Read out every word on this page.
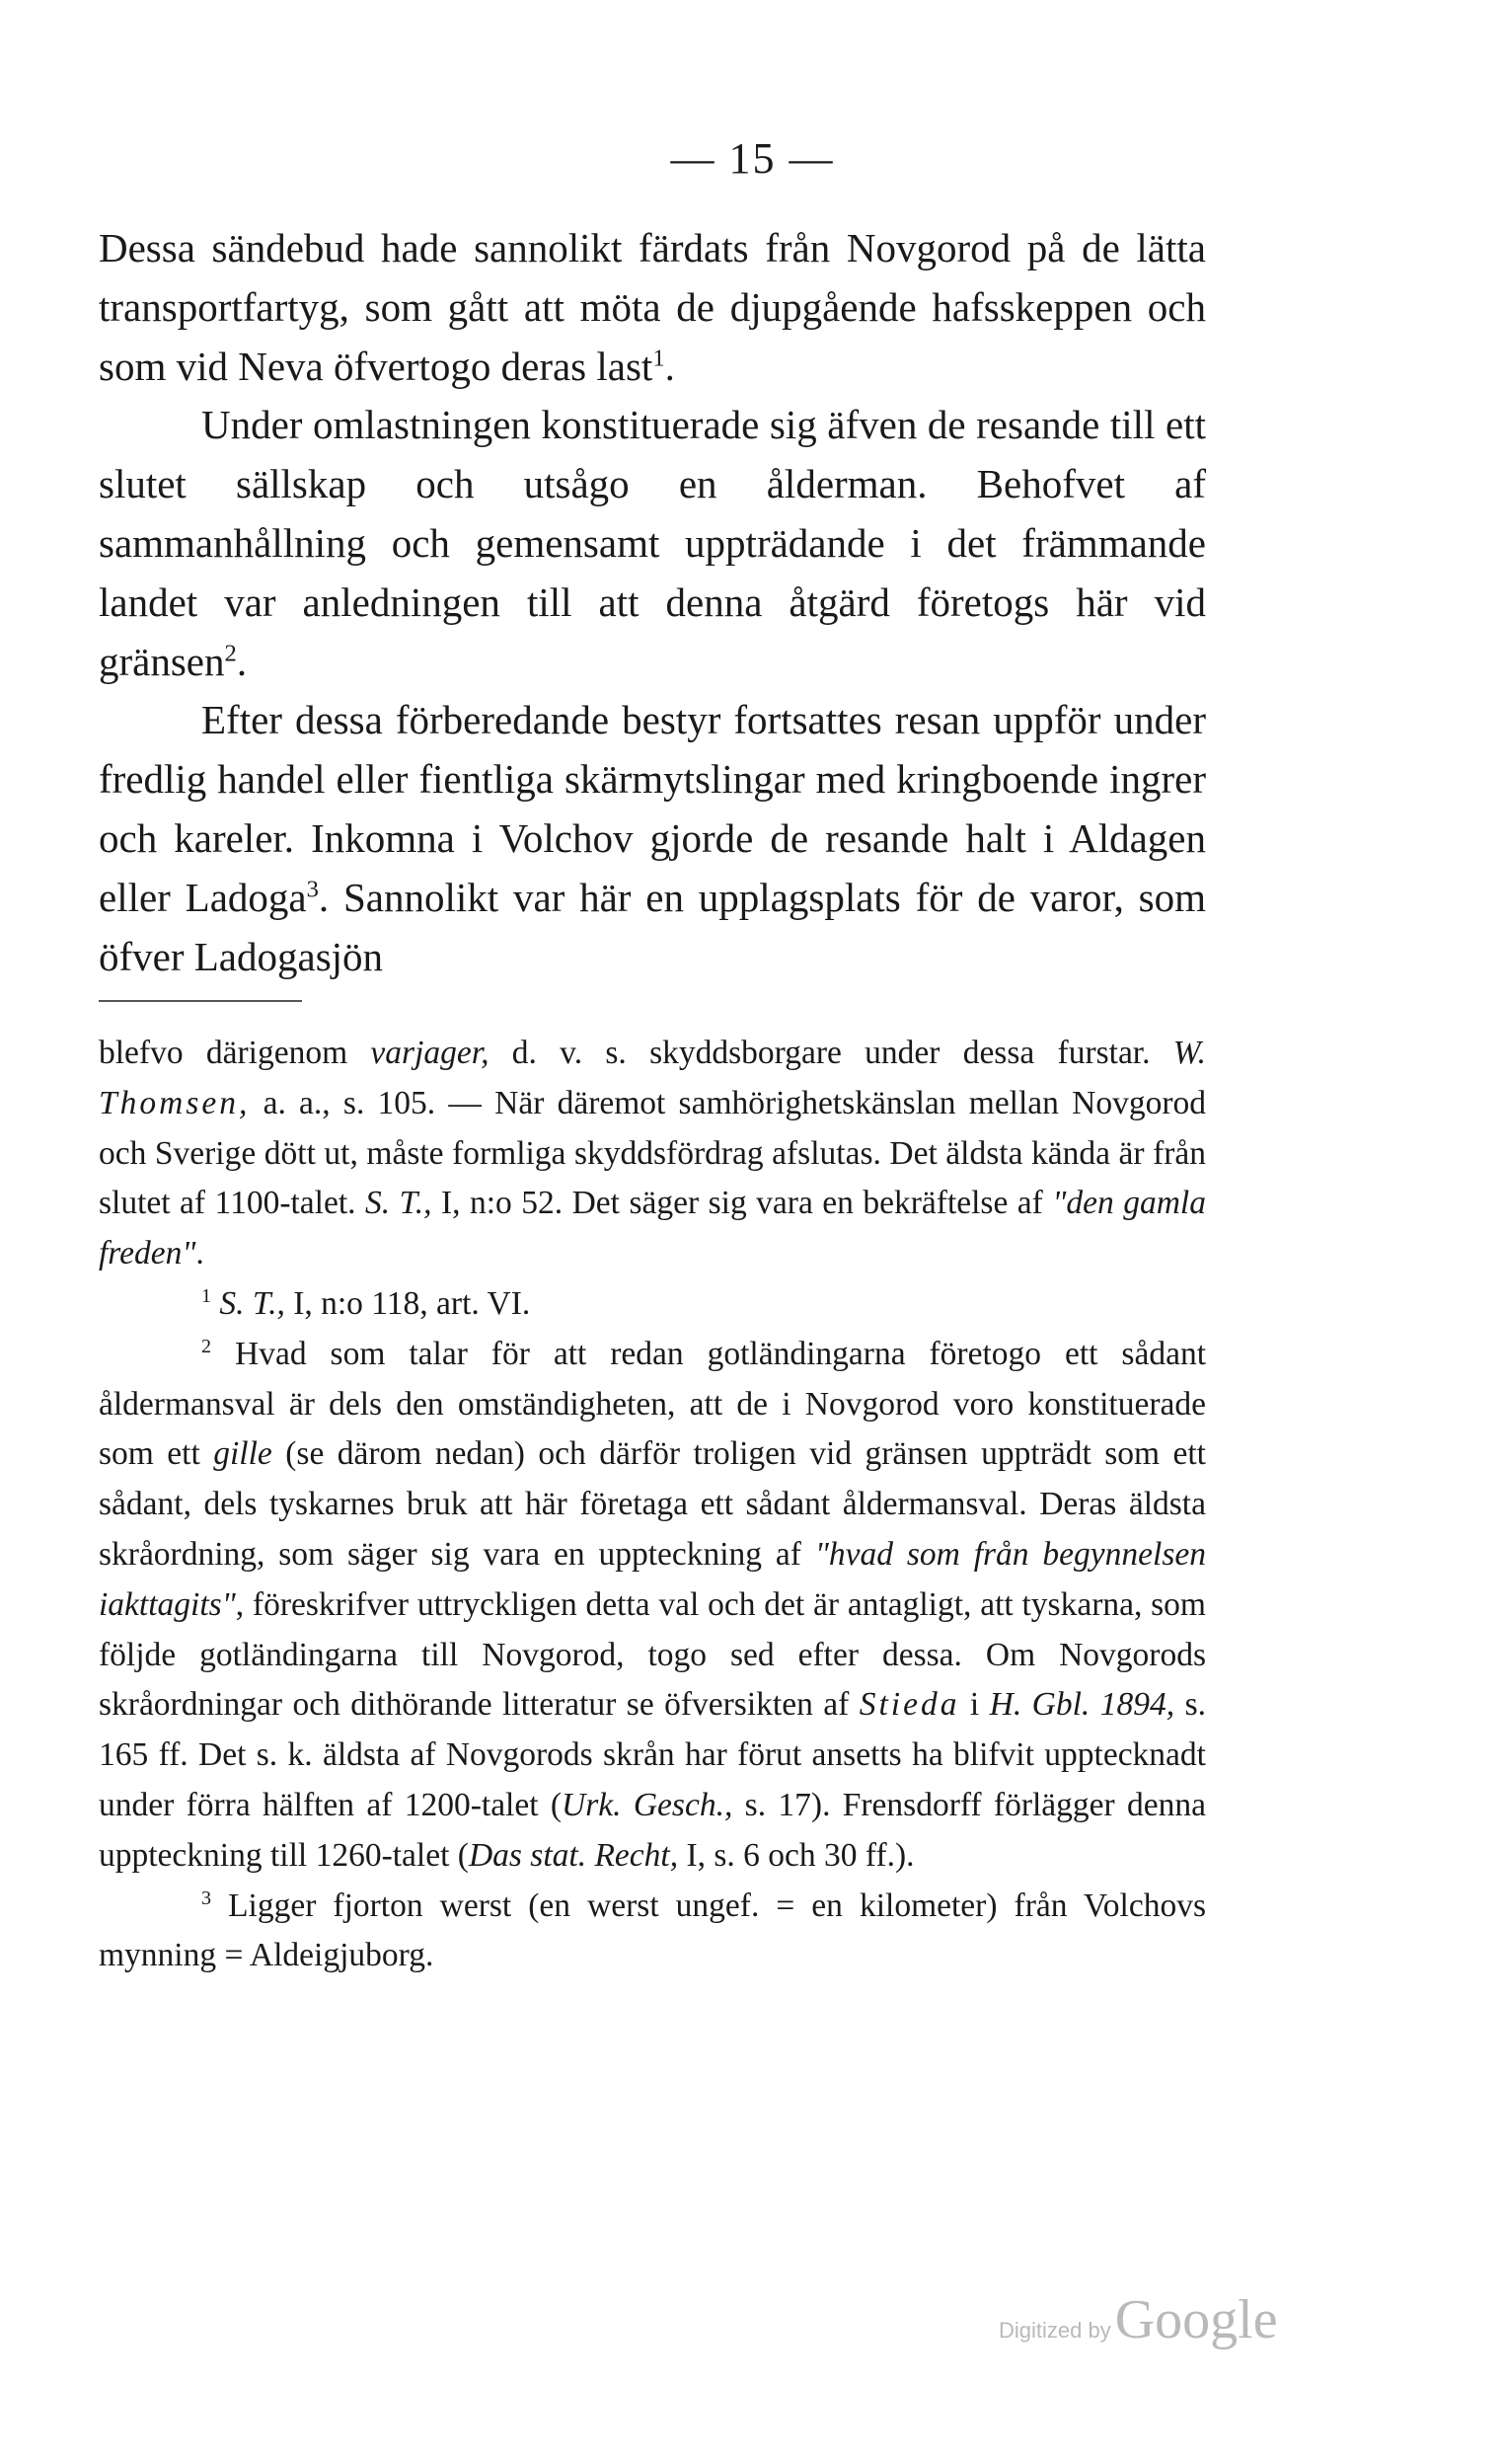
— 15 —

Dessa sändebud hade sannolikt färdats från Novgorod på de lätta transportfartyg, som gått att möta de djupgående hafsskeppen och som vid Neva öfvertogo deras last$^1$.

Under omlastningen konstituerade sig äfven de resande till ett slutet sällskap och utsågo en ålderman. Behofvet af sammanhållning och gemensamt uppträdande i det främmande landet var anledningen till att denna åtgärd företogs här vid gränsen$^2$.

Efter dessa förberedande bestyr fortsattes resan uppför under fredlig handel eller fientliga skärmytslingar med kringboende ingrer och kareler. Inkomna i Volchov gjorde de resande halt i Aldagen eller Ladoga$^3$. Sannolikt var här en upplagsplats för de varor, som öfver Ladogasjön

blefvo därigenom varjager, d. v. s. skyddsborgare under dessa furstar. W. Thomsen, a. a., s. 105. — När däremot samhörighetskänslan mellan Novgorod och Sverige dött ut, måste formliga skyddsfördrag afslutas. Det äldsta kända är från slutet af 1100-talet. S. T., I, n:o 52. Det säger sig vara en bekräftelse af "den gamla freden".

$^1$ S. T., I, n:o 118, art. VI.

$^2$ Hvad som talar för att redan gotländingarna företogo ett sådant åldermansval är dels den omständigheten, att de i Novgorod voro konstituerade som ett gille (se därom nedan) och därför troligen vid gränsen uppträdt som ett sådant, dels tyskarnes bruk att här företaga ett sådant åldermansval. Deras äldsta skråordning, som säger sig vara en uppteckning af "hvad som från begynnelsen iakttagits", föreskrifver uttryckligen detta val och det är antagligt, att tyskarna, som följde gotländingarna till Novgorod, togo sed efter dessa. Om Novgorods skråordningar och dithörande litteratur se öfversikten af Stieda i H. Gbl. 1894, s. 165 ff. Det s. k. äldsta af Novgorods skrån har förut ansetts ha blifvit upptecknadt under förra hälften af 1200-talet (Urk. Gesch., s. 17). Frensdorff förlägger denna uppteckning till 1260-talet (Das stat. Recht, I, s. 6 och 30 ff.).

$^3$ Ligger fjorton werst (en werst ungef. = en kilometer) från Volchovs mynning = Aldeigjuborg.

Digitized by Google
